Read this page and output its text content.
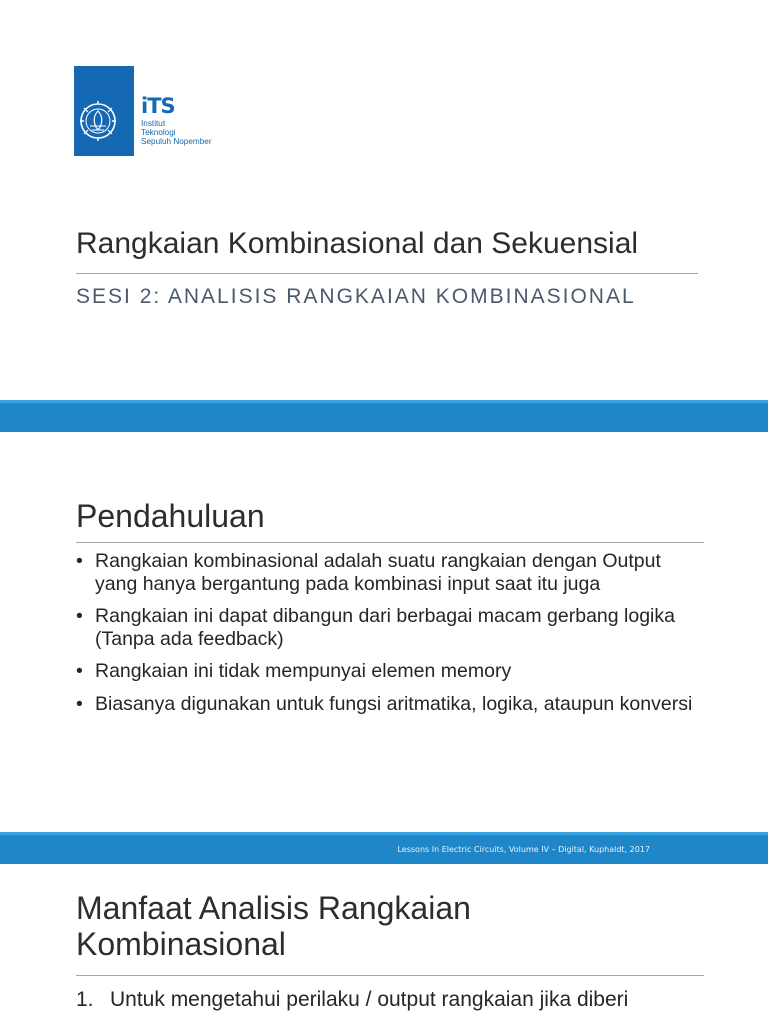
iTS
Institut
Teknologi
Sepuluh Nopember
Rangkaian Kombinasional dan Sekuensial
SESI 2: ANALISIS RANGKAIAN KOMBINASIONAL
Pendahuluan
• Rangkaian kombinasional adalah suatu rangkaian dengan Output yang hanya bergantung pada kombinasi input saat itu juga
• Rangkaian ini dapat dibangun dari berbagai macam gerbang logika (Tanpa ada feedback)
• Rangkaian ini tidak mempunyai elemen memory
• Biasanya digunakan untuk fungsi aritmatika, logika, ataupun konversi
Lessons In Electric Circuits, Volume IV – Digital, Kuphaldt, 2017
Manfaat Analisis Rangkaian
Kombinasional
1. Untuk mengetahui perilaku / output rangkaian jika diberi
